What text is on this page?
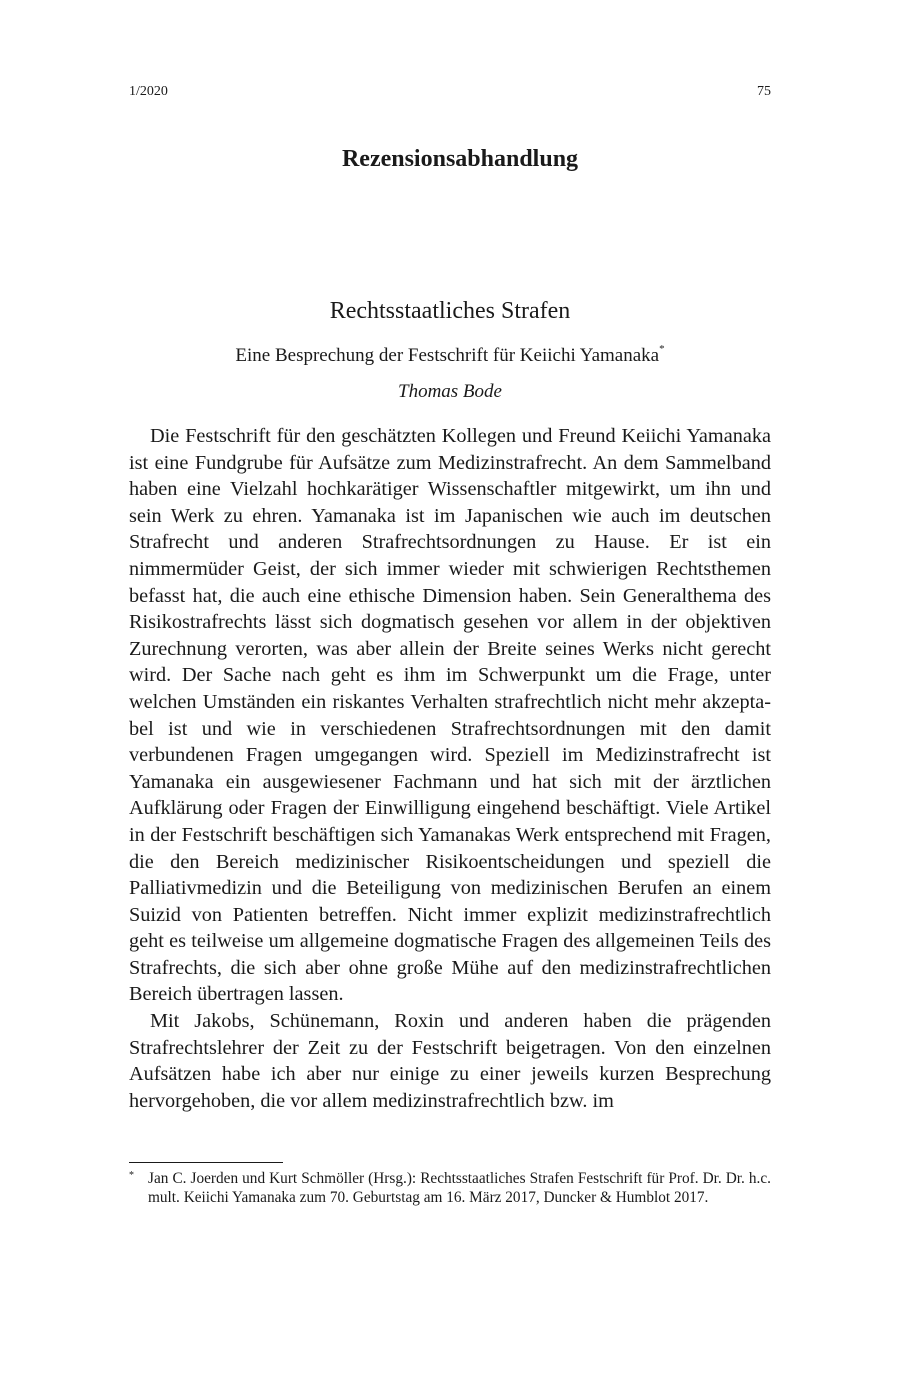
1/2020	75
Rezensionsabhandlung
Rechtsstaatliches Strafen
Eine Besprechung der Festschrift für Keiichi Yamanaka*
Thomas Bode

Die Festschrift für den geschätzten Kollegen und Freund Keiichi Yamanaka ist eine Fundgrube für Aufsätze zum Medizinstrafrecht. An dem Sammelband haben eine Vielzahl hochkarätiger Wissenschaftler mitgewirkt, um ihn und sein Werk zu ehren. Yamanaka ist im Japanischen wie auch im deutschen Strafrecht und anderen Strafrechtsordnungen zu Hause. Er ist ein nimmermüder Geist, der sich immer wieder mit schwierigen Rechtsthemen befasst hat, die auch eine ethische Dimension haben. Sein Generalthema des Risikostrafrechts lässt sich dogmatisch gesehen vor allem in der objektiven Zurechnung verorten, was aber allein der Breite seines Werks nicht gerecht wird. Der Sache nach geht es ihm im Schwerpunkt um die Frage, unter welchen Umständen ein riskantes Verhalten strafrechtlich nicht mehr akzeptabel ist und wie in verschiedenen Strafrechtsordnungen mit den damit verbundenen Fragen umgegangen wird. Speziell im Medizinstrafrecht ist Yamanaka ein ausgewiesener Fachmann und hat sich mit der ärztlichen Aufklärung oder Fragen der Einwilligung eingehend beschäftigt. Viele Artikel in der Festschrift beschäftigen sich Yamanakas Werk entsprechend mit Fragen, die den Bereich medizinischer Risikoentscheidungen und speziell die Palliativmedizin und die Beteiligung von medizinischen Berufen an einem Suizid von Patienten betreffen. Nicht immer explizit medizinstrafrechtlich geht es teilweise um allgemeine dogmatische Fragen des allgemeinen Teils des Strafrechts, die sich aber ohne große Mühe auf den medizinstrafrechtlichen Bereich übertragen lassen.

Mit Jakobs, Schünemann, Roxin und anderen haben die prägenden Strafrechtslehrer der Zeit zu der Festschrift beigetragen. Von den einzelnen Aufsätzen habe ich aber nur einige zu einer jeweils kurzen Besprechung hervorgehoben, die vor allem medizinstrafrechtlich bzw. im

* Jan C. Joerden und Kurt Schmöller (Hrsg.): Rechtsstaatliches Strafen Festschrift für Prof. Dr. Dr. h.c. mult. Keiichi Yamanaka zum 70. Geburtstag am 16. März 2017, Duncker & Humblot 2017.
